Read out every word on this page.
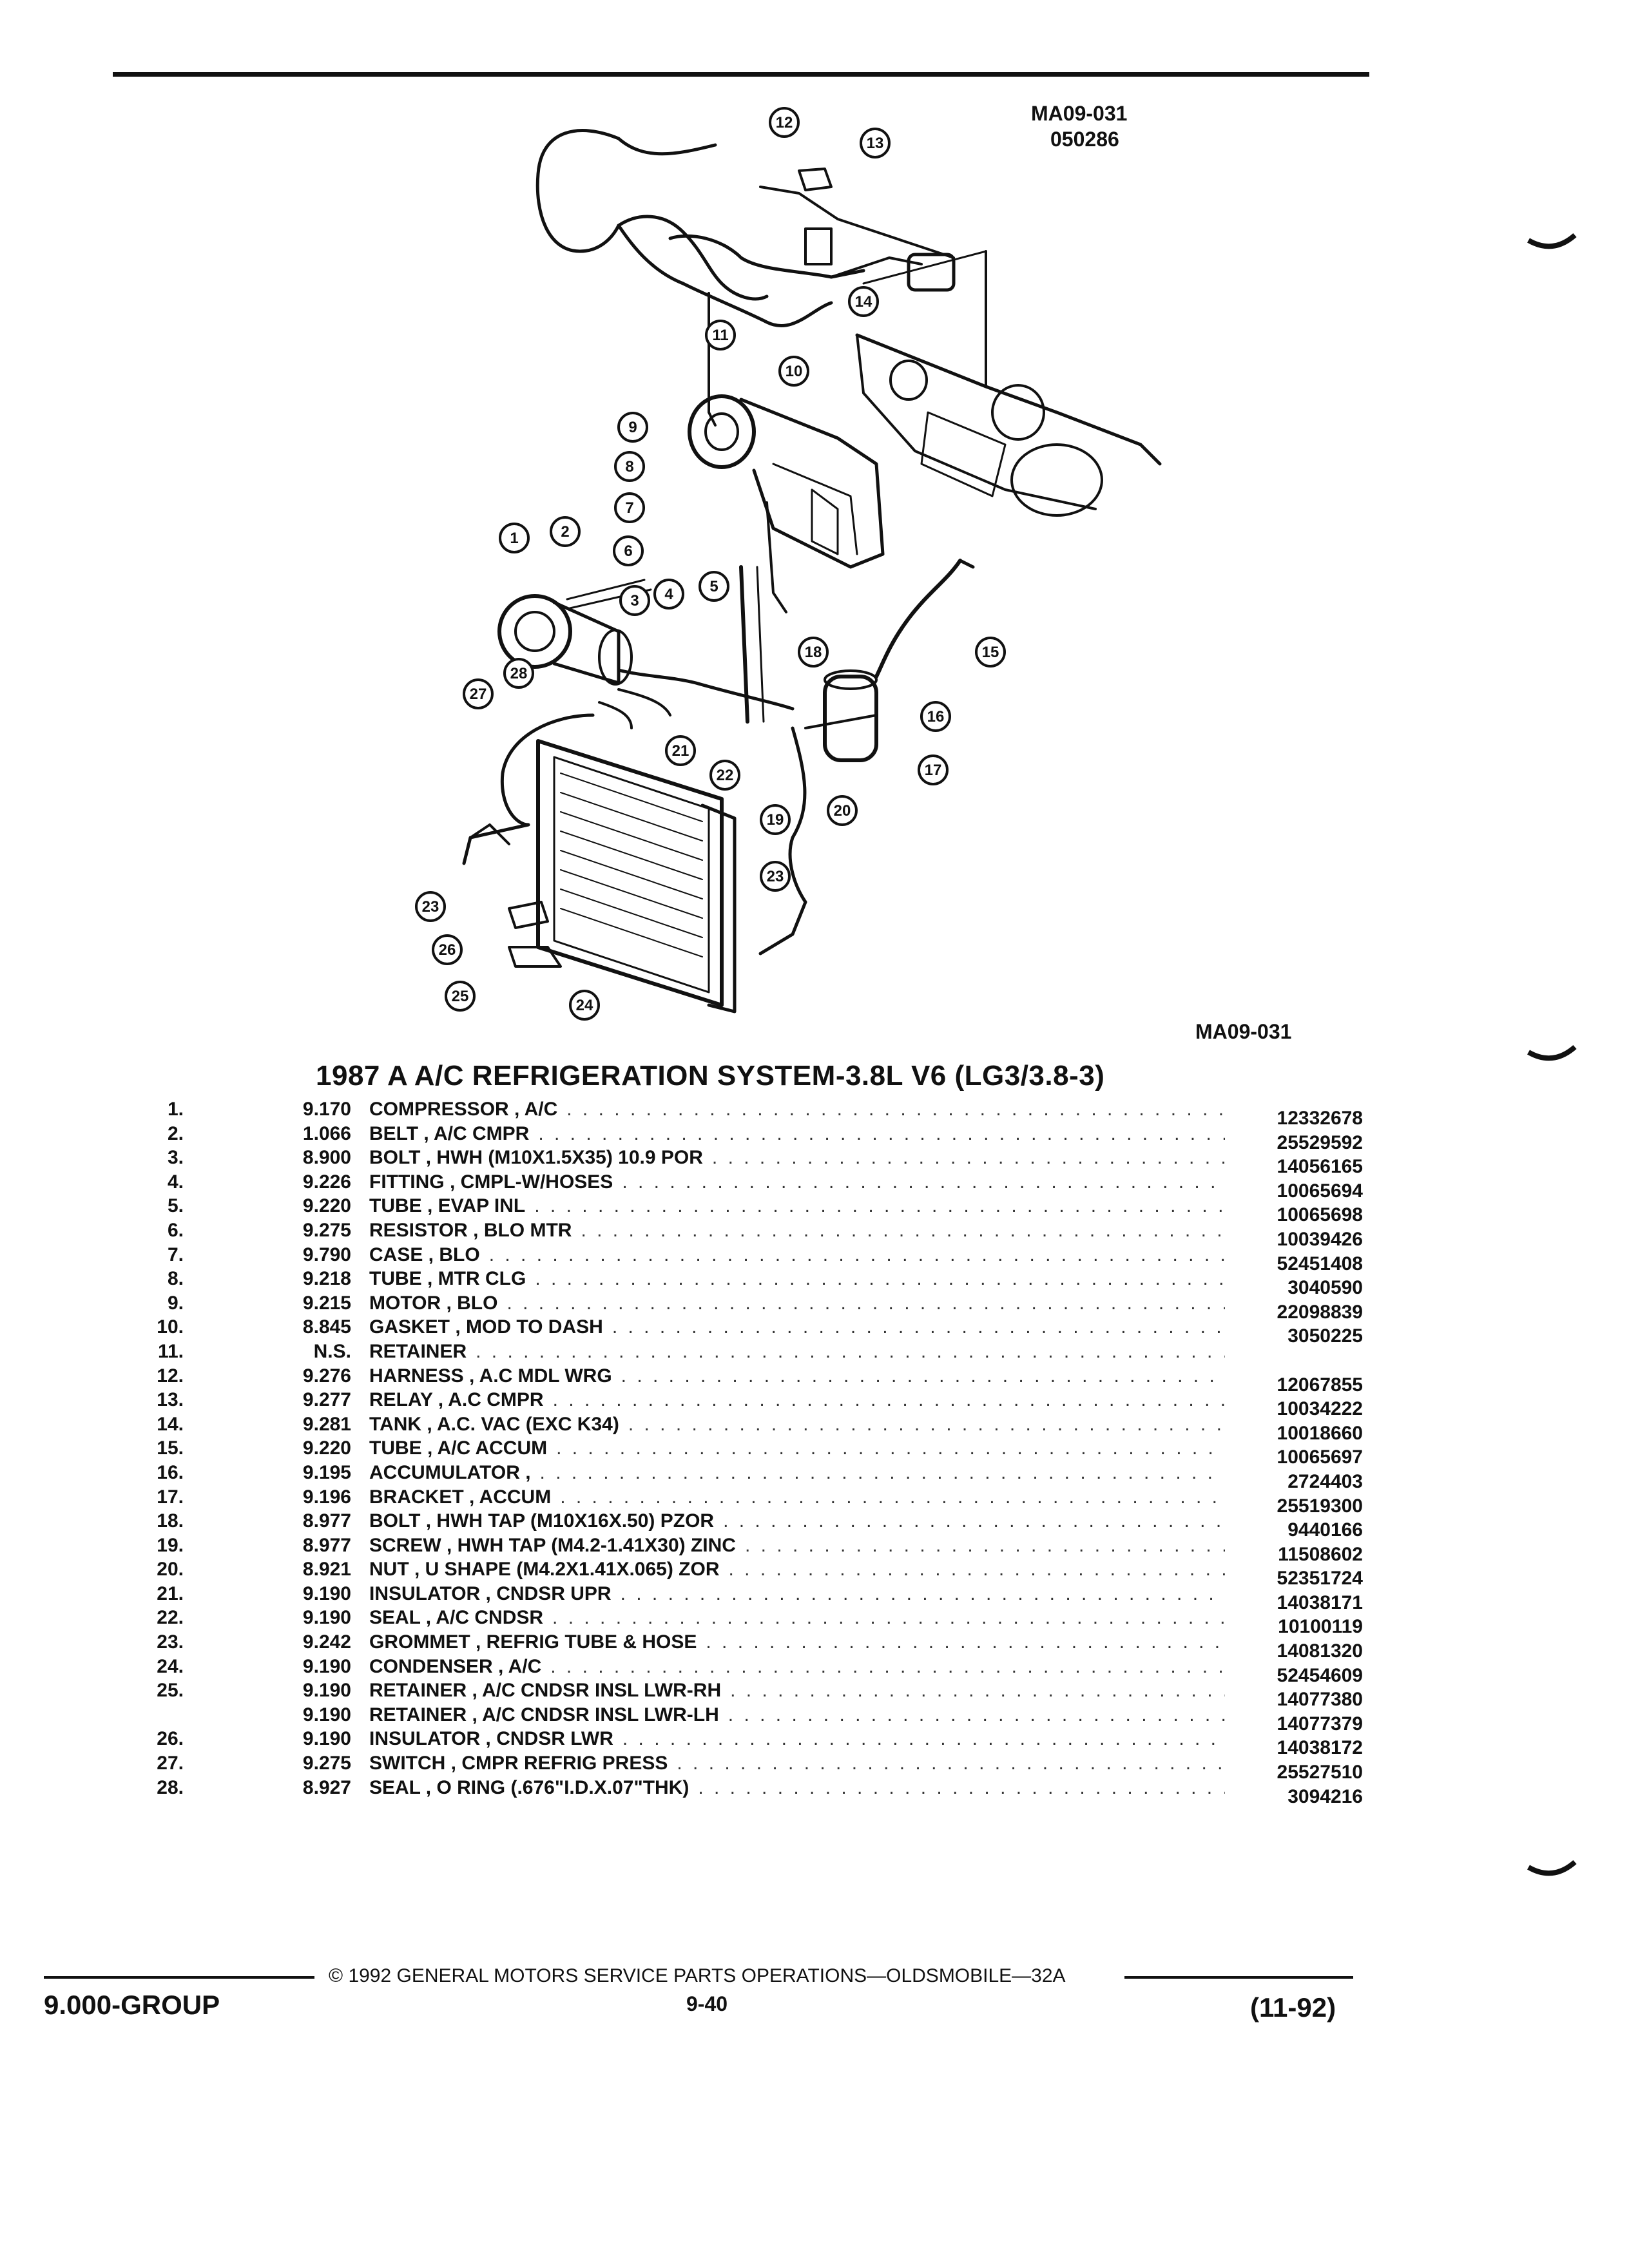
MA09-031
050286
MA09-031
12
13
14
11
10
9
8
7
6
1	2
3 4 5
15
18
28
27
16
17
21
22
20
19
23
23
26
25
24
1987 A A/C REFRIGERATION SYSTEM-3.8L V6 (LG3/3.8-3)
1.	9.170 COMPRESSOR , A/C . . .	12332678
2.	1.066 BELT , A/C CMPR . . .	25529592
3.	8.900 BOLT , HWH (M10X1.5X35) 10.9 POR . . .	14056165
4.	9.226 FITTING , CMPL-W/HOSES . . .	10065694
5.	9.220 TUBE , EVAP INL . . .	10065698
6.	9.275 RESISTOR , BLO MTR . . .	10039426
7.	9.790 CASE , BLO . . .	52451408
8.	9.218 TUBE , MTR CLG . . .	3040590
9.	9.215 MOTOR , BLO . . .	22098839
10.	8.845 GASKET , MOD TO DASH . . .	3050225
11.	N.S. RETAINER
. . .
12.	9.276 HARNESS , A.C MDL WRG . . .	12067855
13.	9.277 RELAY , A.C CMPR . . .	10034222
14.	9.281 TANK , A.C. VAC (EXC K34) . . .	10018660
15.	9.220 TUBE , A/C ACCUM . . .	10065697
16.	9.195 ACCUMULATOR , . . .	2724403
17.	9.196 BRACKET , ACCUM . . .	25519300
18.	8.977 BOLT , HWH TAP (M10X16X.50) PZOR . . .	9440166
19.	8.977 SCREW , HWH TAP (M4.2-1.41X30) ZINC . . .	11508602
20.	8.921 NUT , U SHAPE (M4.2X1.41X.065) ZOR . . .	52351724
21.	9.190 INSULATOR , CNDSR UPR . . .	14038171
22.	9.190 SEAL , A/C CNDSR . . .	10100119
23.	9.242 GROMMET , REFRIG TUBE & HOSE . . .	14081320
24.	9.190 CONDENSER , A/C . . .	52454609
25.	9.190 RETAINER , A/C CNDSR INSL LWR-RH . . .	14077380
9.190 RETAINER , A/C CNDSR INSL LWR-LH . . .	14077379
26.	9.190 INSULATOR , CNDSR LWR . . .	14038172
27.	9.275 SWITCH , CMPR REFRIG PRESS . . .	25527510
28.	8.927 SEAL , O RING (.676"I.D.X.07"THK) . . .	3094216
© 1992 GENERAL MOTORS SERVICE PARTS OPERATIONS—OLDSMOBILE—32A
9.000-GROUP	9-40	(11-92)
